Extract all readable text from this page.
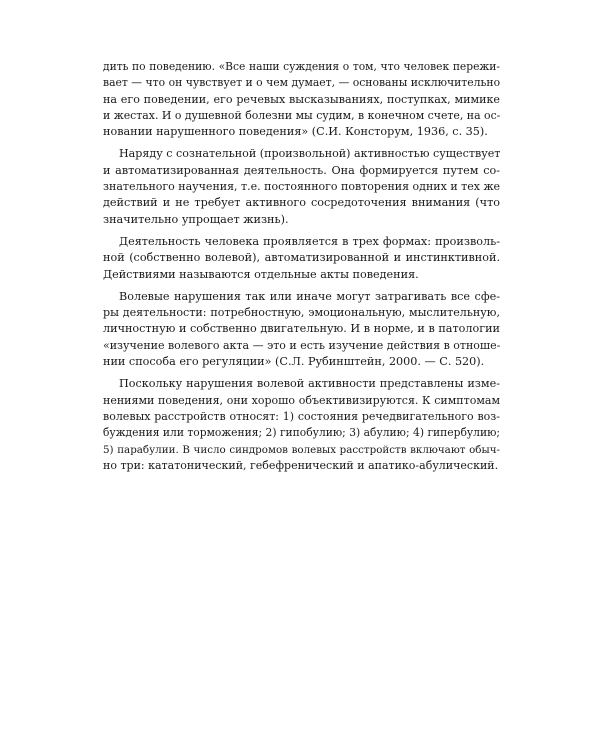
дить по поведению. «Все наши суждения о том, что человек пережи-
вает — что он чувствует и о чем думает, — основаны исключительно
на его поведении, его речевых высказываниях, поступках, мимике
и жестах. И о душевной болезни мы судим, в конечном счете, на ос-
новании нарушенного поведения» (С.И. Консторум, 1936, с. 35).

Наряду с сознательной (произвольной) активностью существует
и автоматизированная деятельность. Она формируется путем со-
знательного научения, т.е. постоянного повторения одних и тех же
действий и не требует активного сосредоточения внимания (что
значительно упрощает жизнь).

Деятельность человека проявляется в трех формах: произволь-
ной (собственно волевой), автоматизированной и инстинктивной.
Действиями называются отдельные акты поведения.

Волевые нарушения так или иначе могут затрагивать все сфе-
ры деятельности: потребностную, эмоциональную, мыслительную,
личностную и собственно двигательную. И в норме, и в патологии
«изучение волевого акта — это и есть изучение действия в отноше-
нии способа его регуляции» (С.Л. Рубинштейн, 2000. — С. 520).

Поскольку нарушения волевой активности представлены изме-
нениями поведения, они хорошо объективизируются. К симптомам
волевых расстройств относят: 1) состояния речедвигательного воз-
буждения или торможения; 2) гипобулию; 3) абулию; 4) гипербулию;
5) парабулии. В число синдромов волевых расстройств включают обыч-
но три: кататонический, гебефренический и апатико-абулический.
